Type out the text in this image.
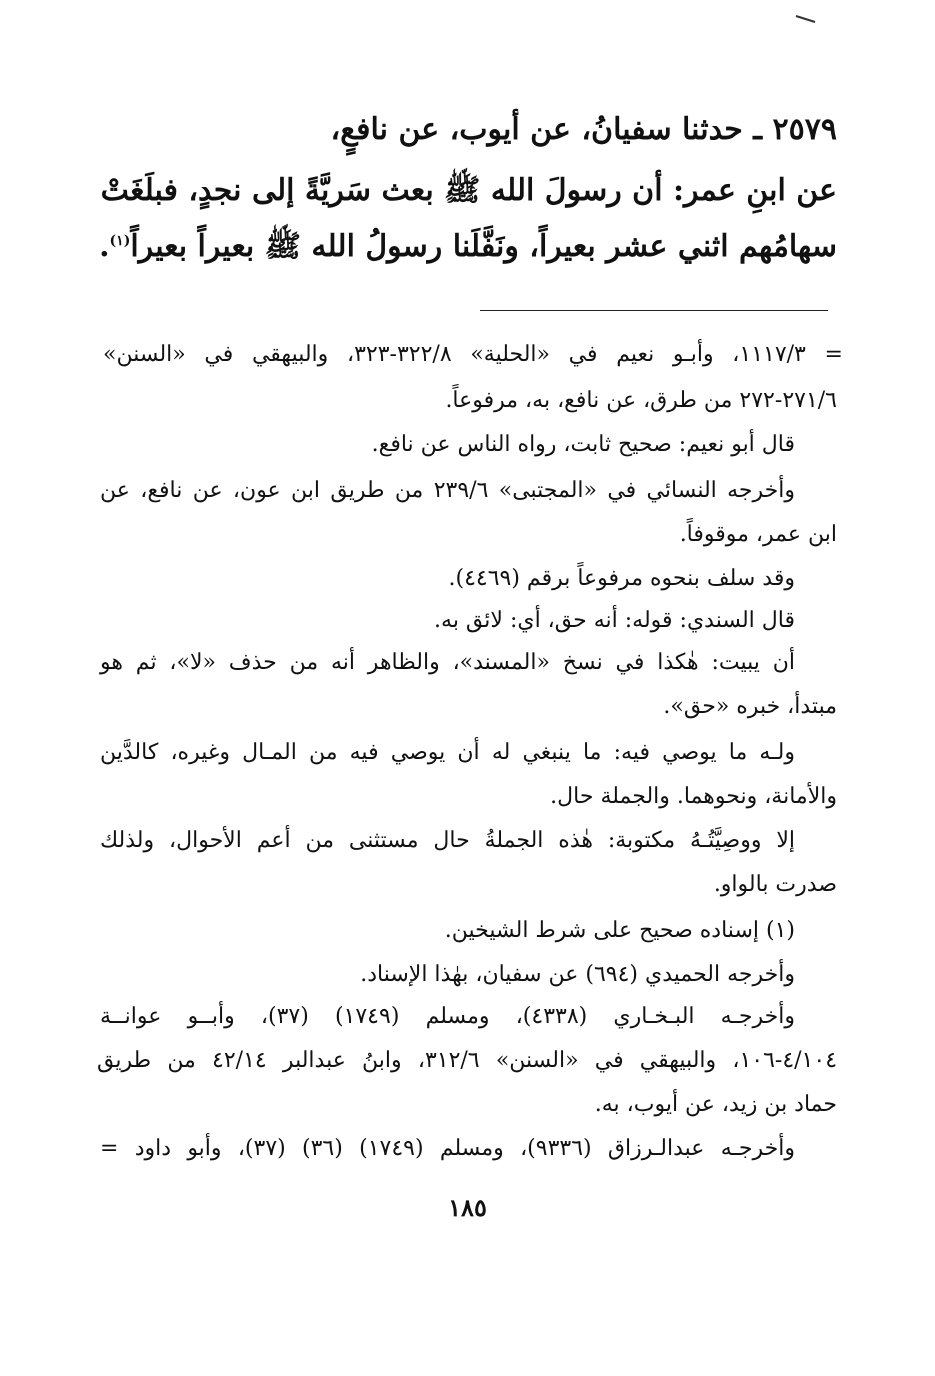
٢٥٧٩ ـ حدثنا سفيانُ، عن أيوب، عن نافعٍ،
عن ابنِ عمر: أن رسولَ الله ﷺ بعث سَريَّةً إلى نجدٍ، فبلَغَتْ
سهامُهم اثني عشر بعيراً، ونَفَّلَنا رسولُ الله ﷺ بعيراً بعيراً$^{(١)}$.
= ١١١٧/٣، وأبـو نعيم في «الحلية» ٣٢٢/٨-٣٢٣، والبيهقي في «السنن»
٢٧١/٦-٢٧٢ من طرق، عن نافع، به، مرفوعاً.
قال أبو نعيم: صحيح ثابت، رواه الناس عن نافع.
وأخرجه النسائي في «المجتبى» ٢٣٩/٦ من طريق ابن عون، عن نافع، عن
ابن عمر، موقوفاً.
وقد سلف بنحوه مرفوعاً برقم (٤٤٦٩).
قال السندي: قوله: أنه حق، أي: لائق به.
أن يبيت: هٰكذا في نسخ «المسند»، والظاهر أنه من حذف «لا»، ثم هو
مبتدأ، خبره «حق».
ولـه ما يوصي فيه: ما ينبغي له أن يوصي فيه من المـال وغيره، كالدَّين
والأمانة، ونحوهما. والجملة حال.
إلا ووصِيَّتُـهُ مكتوبة: هٰذه الجملةُ حال مستثنى من أعم الأحوال، ولذلك
صدرت بالواو.
(١) إسناده صحيح على شرط الشيخين.
وأخرجه الحميدي (٦٩٤) عن سفيان، بهٰذا الإسناد.
وأخرجـه البـخـاري (٤٣٣٨)، ومسلم (١٧٤٩) (٣٧)، وأبــو عوانــة
٤/١٠٤-١٠٦، والبيهقي في «السنن» ٣١٢/٦، وابنُ عبدالبر ٤٢/١٤ من طريق
حماد بن زيد، عن أيوب، به.
وأخرجـه عبدالـرزاق (٩٣٣٦)، ومسلم (١٧٤٩) (٣٦) (٣٧)، وأبو داود =
١٨٥
